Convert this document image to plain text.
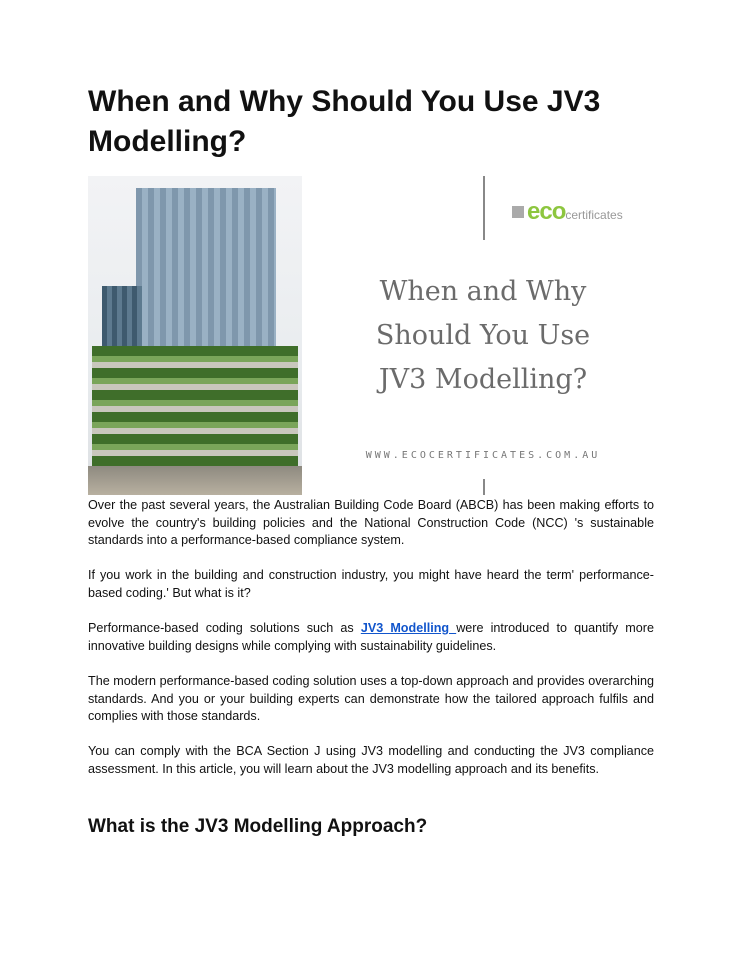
When and Why Should You Use JV3 Modelling?
ecocertificates
When and Why
Should You Use
JV3 Modelling?
WWW.ECOCERTIFICATES.COM.AU

Over the past several years, the Australian Building Code Board (ABCB) has been making efforts to evolve the country's building policies and the National Construction Code (NCC) 's sustainable standards into a performance-based compliance system.

If you work in the building and construction industry, you might have heard the term' performance-based coding.' But what is it?

Performance-based coding solutions such as JV3 Modelling were introduced to quantify more innovative building designs while complying with sustainability guidelines.

The modern performance-based coding solution uses a top-down approach and provides overarching standards. And you or your building experts can demonstrate how the tailored approach fulfils and complies with those standards.

You can comply with the BCA Section J using JV3 modelling and conducting the JV3 compliance assessment. In this article, you will learn about the JV3 modelling approach and its benefits.

What is the JV3 Modelling Approach?
